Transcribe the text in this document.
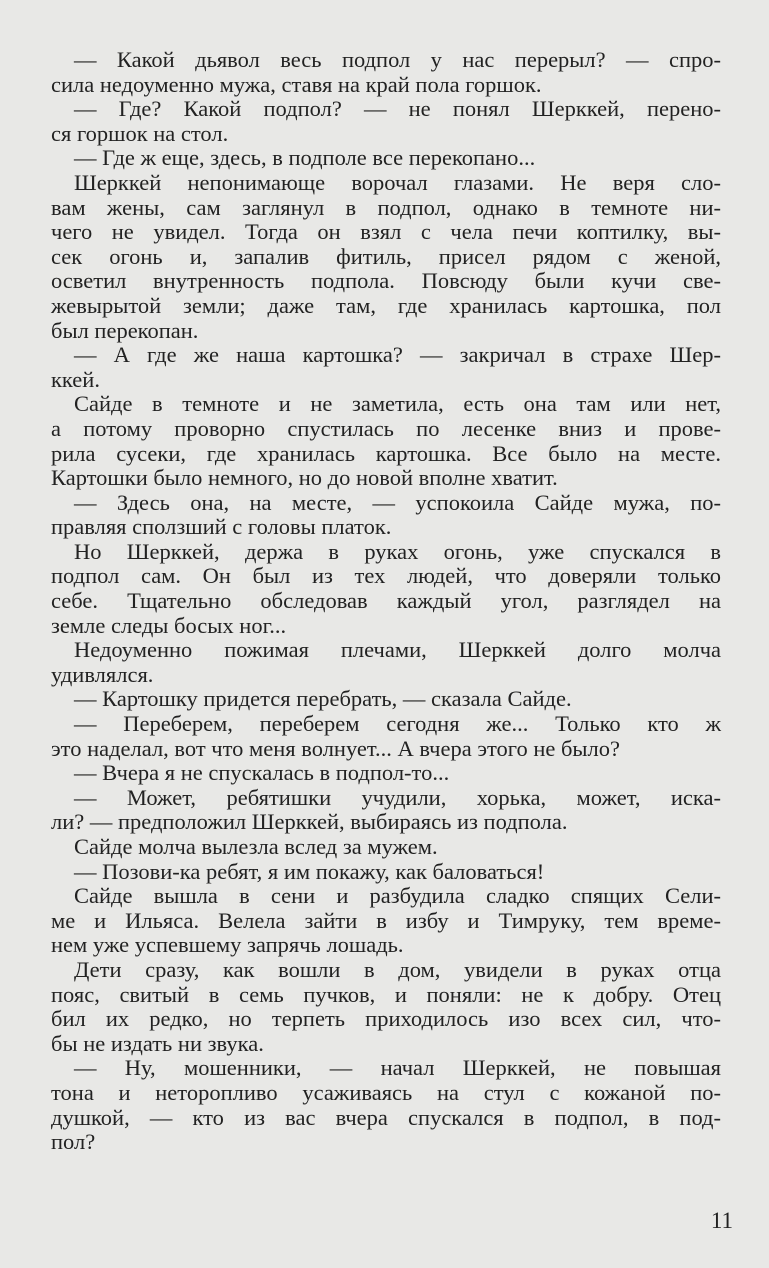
— Какой дьявол весь подпол у нас перерыл? — спро-
сила недоуменно мужа, ставя на край пола горшок.
— Где? Какой подпол? — не понял Шерккей, перено-
ся горшок на стол.
— Где ж еще, здесь, в подполе все перекопано...
Шерккей непонимающе ворочал глазами. Не веря сло-
вам жены, сам заглянул в подпол, однако в темноте ни-
чего не увидел. Тогда он взял с чела печи коптилку, вы-
сек огонь и, запалив фитиль, присел рядом с женой,
осветил внутренность подпола. Повсюду были кучи све-
жевырытой земли; даже там, где хранилась картошка, пол
был перекопан.
— А где же наша картошка? — закричал в страхе Шер-
ккей.
Сайде в темноте и не заметила, есть она там или нет,
а потому проворно спустилась по лесенке вниз и прове-
рила сусеки, где хранилась картошка. Все было на месте.
Картошки было немного, но до новой вполне хватит.
— Здесь она, на месте, — успокоила Сайде мужа, по-
правляя сползший с головы платок.
Но Шерккей, держа в руках огонь, уже спускался в
подпол сам. Он был из тех людей, что доверяли только
себе. Тщательно обследовав каждый угол, разглядел на
земле следы босых ног...
Недоуменно пожимая плечами, Шерккей долго молча
удивлялся.
— Картошку придется перебрать, — сказала Сайде.
— Переберем, переберем сегодня же... Только кто ж
это наделал, вот что меня волнует... А вчера этого не было?
— Вчера я не спускалась в подпол-то...
— Может, ребятишки учудили, хорька, может, иска-
ли? — предположил Шерккей, выбираясь из подпола.
Сайде молча вылезла вслед за мужем.
— Позови-ка ребят, я им покажу, как баловаться!
Сайде вышла в сени и разбудила сладко спящих Сели-
ме и Ильяса. Велела зайти в избу и Тимруку, тем време-
нем уже успевшему запрячь лошадь.
Дети сразу, как вошли в дом, увидели в руках отца
пояс, свитый в семь пучков, и поняли: не к добру. Отец
бил их редко, но терпеть приходилось изо всех сил, что-
бы не издать ни звука.
— Ну, мошенники, — начал Шерккей, не повышая
тона и неторопливо усаживаясь на стул с кожаной по-
душкой, — кто из вас вчера спускался в подпол, в под-
пол?
11
